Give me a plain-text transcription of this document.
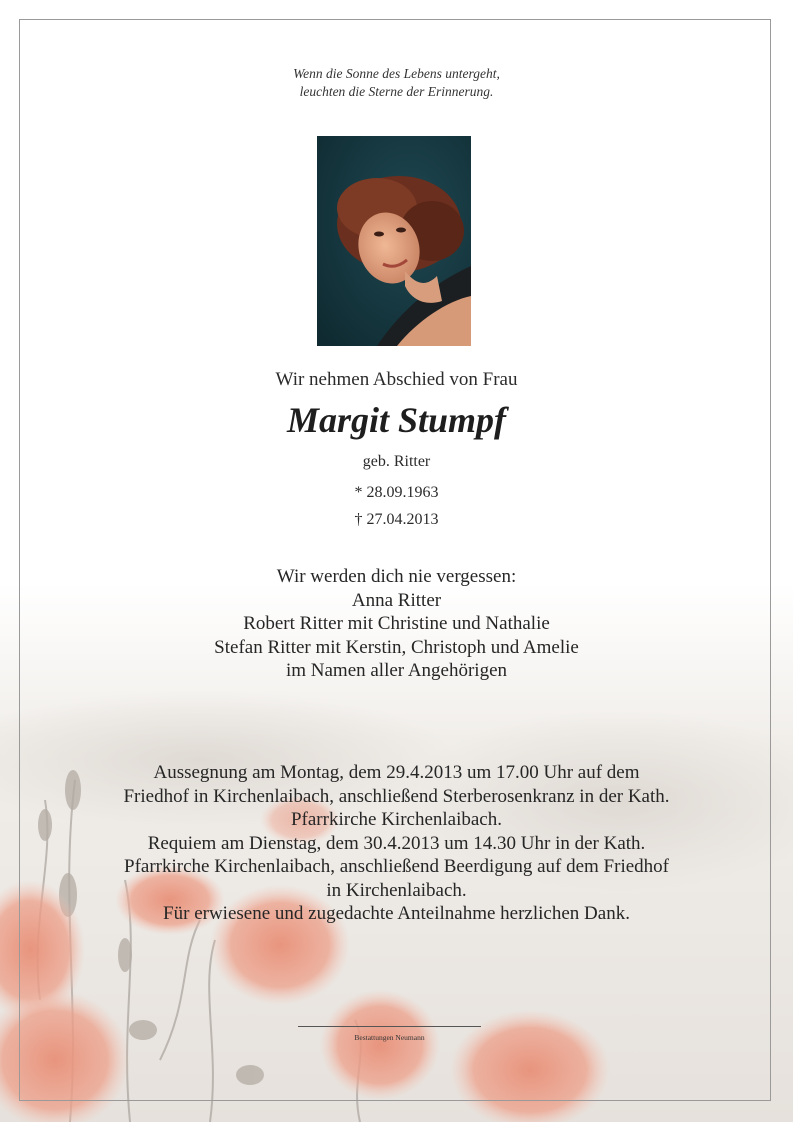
Wenn die Sonne des Lebens untergeht,
leuchten die Sterne der Erinnerung.
Wir nehmen Abschied von Frau
Margit Stumpf
geb. Ritter
* 28.09.1963
† 27.04.2013
Wir werden dich nie vergessen:
Anna Ritter
Robert Ritter mit Christine und Nathalie
Stefan Ritter mit Kerstin, Christoph und Amelie
im Namen aller Angehörigen
Aussegnung am Montag, dem 29.4.2013 um 17.00 Uhr auf dem
Friedhof in Kirchenlaibach, anschließend Sterberosenkranz in der Kath.
Pfarrkirche Kirchenlaibach.
Requiem am Dienstag, dem 30.4.2013 um 14.30 Uhr in der Kath.
Pfarrkirche Kirchenlaibach, anschließend Beerdigung auf dem Friedhof
in Kirchenlaibach.
Für erwiesene und zugedachte Anteilnahme herzlichen Dank.
Bestattungen Neumann
